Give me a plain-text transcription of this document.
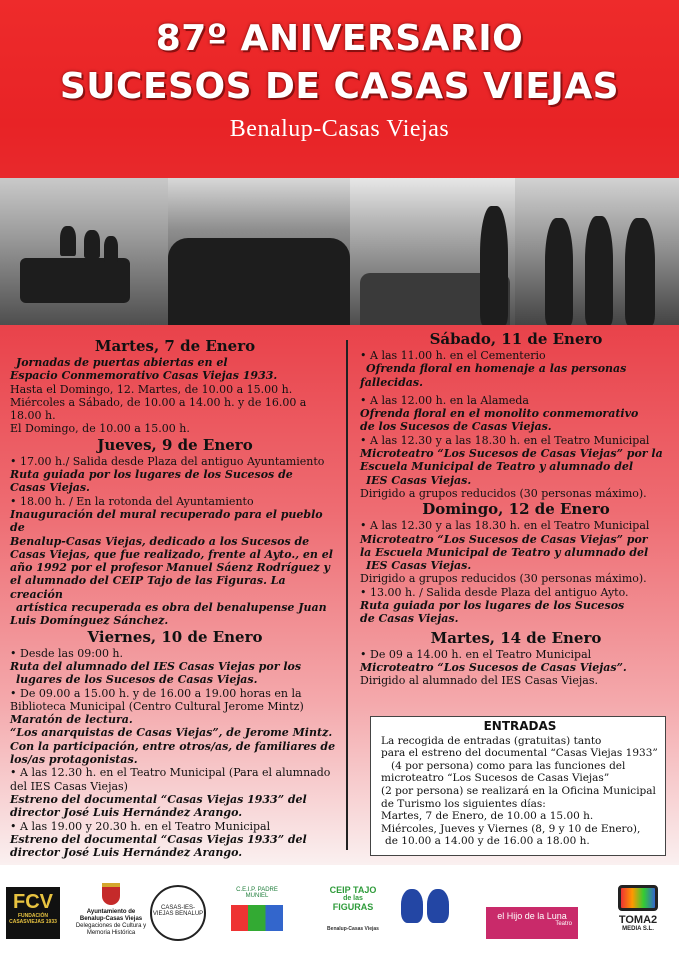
87º ANIVERSARIO
SUCESOS DE CASAS VIEJAS
Benalup-Casas Viejas
Martes, 7 de Enero

Jornadas de puertas abiertas en el

Espacio Conmemorativo Casas Viejas 1933.

Hasta el Domingo, 12. Martes, de 10.00 a 15.00 h.

Miércoles a Sábado, de 10.00 a 14.00 h. y de 16.00 a 18.00 h.

El Domingo, de 10.00 a 15.00 h.

Jueves, 9 de Enero

• 17.00 h./ Salida desde Plaza del antiguo Ayuntamiento

Ruta guiada por los lugares de los Sucesos de

Casas Viejas.

• 18.00 h. / En la rotonda del Ayuntamiento

Inauguración del mural recuperado para el pueblo de

Benalup-Casas Viejas, dedicado a los Sucesos de

Casas Viejas, que fue realizado, frente al Ayto., en el

año 1992 por el profesor Manuel Sáenz Rodríguez y

el alumnado del CEIP Tajo de las Figuras. La creación

artística recuperada es obra del benalupense Juan

Luis Domínguez Sánchez.

Viernes, 10 de Enero

• Desde las 09:00 h.

Ruta del alumnado del IES Casas Viejas por los

lugares de los Sucesos de Casas Viejas.

• De 09.00 a 15.00 h. y de 16.00 a 19.00 horas en la

Biblioteca Municipal (Centro Cultural Jerome Mintz)

Maratón de lectura.

“Los anarquistas de Casas Viejas”, de Jerome Mintz.

Con la participación, entre otros/as, de familiares de

los/as protagonistas.

• A las 12.30 h. en el Teatro Municipal (Para el alumnado

del IES Casas Viejas)

Estreno del documental “Casas Viejas 1933” del

director José Luis Hernández Arango.

• A las 19.00 y 20.30 h. en el Teatro Municipal

Estreno del documental “Casas Viejas 1933” del

director José Luis Hernández Arango.

Sábado, 11 de Enero

• A las 11.00 h. en el Cementerio

Ofrenda floral en homenaje a las personas

fallecidas.

• A las 12.00 h. en la Alameda

Ofrenda floral en el monolito conmemorativo

de los Sucesos de Casas Viejas.

• A las 12.30 y a las 18.30 h. en el Teatro Municipal

Microteatro “Los Sucesos de Casas Viejas” por la

Escuela Municipal de Teatro y alumnado del

IES Casas Viejas.

Dirigido a grupos reducidos (30 personas máximo).

Domingo, 12 de Enero

• A las 12.30 y a las 18.30 h. en el Teatro Municipal

Microteatro “Los Sucesos de Casas Viejas” por

la Escuela Municipal de Teatro y alumnado del

IES Casas Viejas.

Dirigido a grupos reducidos (30 personas máximo).

• 13.00 h. / Salida desde Plaza del antiguo Ayto.

Ruta guiada por los lugares de los Sucesos

de Casas Viejas.

Martes, 14 de Enero

• De 09 a 14.00 h. en el Teatro Municipal

Microteatro “Los Sucesos de Casas Viejas”.

Dirigido al alumnado del IES Casas Viejas.

ENTRADAS

La recogida de entradas (gratuitas) tanto

para el estreno del documental “Casas Viejas 1933”

(4 por persona) como para las funciones del

microteatro “Los Sucesos de Casas Viejas”

(2 por persona) se realizará en la Oficina Municipal

de Turismo los siguientes días:

Martes, 7 de Enero, de 10.00 a 15.00 h.

Miércoles, Jueves y Viernes (8, 9 y 10 de Enero),

de 10.00 a 14.00 y de 16.00 a 18.00 h.

FCV
FUNDACIÓN CASASVIEJAS 1933
Ayuntamiento de
Benalup-Casas Viejas
Delegaciones de Cultura y
Memoria Histórica
CASAS-IES-VIEJAS BENALUP
C.E.I.P. PADRE MUNIEL
CEIP TAJO
de las
FIGURAS
Benalup-Casas Viejas
el Hijo de la Luna
Teatro	TOMA2
MEDIA S.L.
